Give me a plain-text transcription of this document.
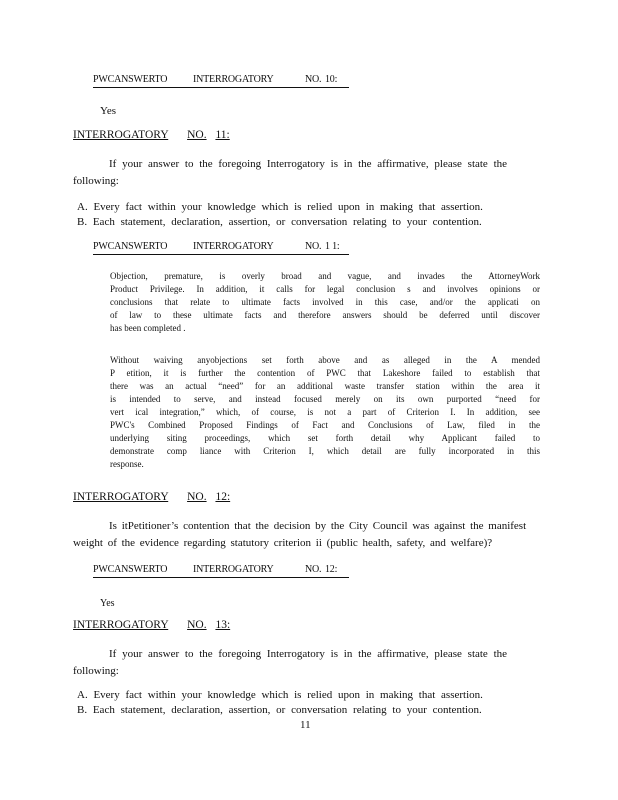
PWCANSWERTO	INTERROGATORY	NO. 10:
Yes
INTERROGATORY NO. 11:
If your answer to the foregoing Interrogatory is in the affirmative, please state the
following:
A. Every fact within your knowledge which is relied upon in making that assertion.
B. Each statement, declaration, assertion, or conversation relating to your contention.
PWCANSWERTO	INTERROGATORY	NO. 1 1:

Objection, premature, is overly broad and vague, and invades the AttorneyWork

Product Privilege. In addition, it calls for legal conclusion s and involves opinions or

conclusions that relate to ultimate facts involved in this case, and/or the applicati on

of law to these ultimate facts and therefore answers should be deferred until discover

has been completed .

Without waiving anyobjections set forth above and as alleged in the A mended

P etition, it is further the contention of PWC that Lakeshore failed to establish that

there was an actual “need” for an additional waste transfer station within the area it

is intended to serve, and instead focused merely on its own purported “need for

vert ical integration,” which, of course, is not a part of Criterion I. In addition, see

PWC's Combined Proposed Findings of Fact and Conclusions of Law, filed in the

underlying siting proceedings, which set forth detail why Applicant failed to

demonstrate comp liance with Criterion I, which detail are fully incorporated in this

response.

INTERROGATORY NO. 12:
Is itPetitioner’s contention that the decision by the City Council was against the manifest
weight of the evidence regarding statutory criterion ii (public health, safety, and welfare)?
PWCANSWERTO	INTERROGATORY	NO. 12:
Yes
INTERROGATORY NO. 13:
If your answer to the foregoing Interrogatory is in the affirmative, please state the
following:
A. Every fact within your knowledge which is relied upon in making that assertion.
B. Each statement, declaration, assertion, or conversation relating to your contention.
11
